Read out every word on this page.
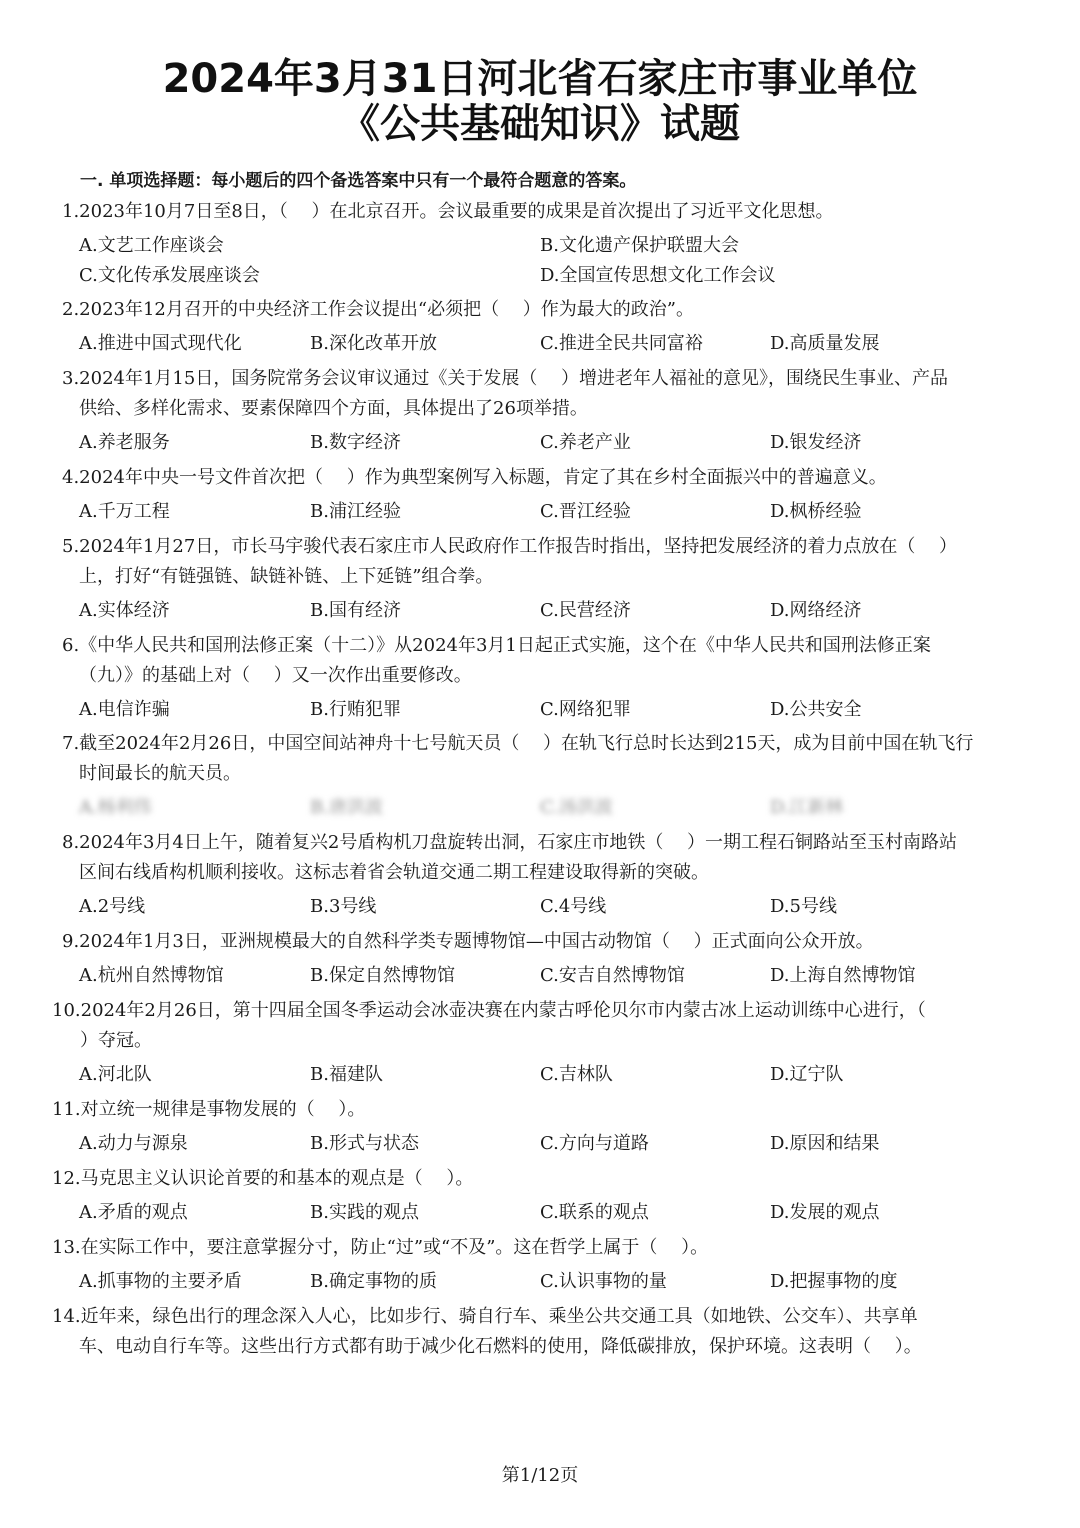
2024年3月31日河北省石家庄市事业单位
《公共基础知识》试题
一. 单项选择题：每小题后的四个备选答案中只有一个最符合题意的答案。
1.2023年10月7日至8日，（　 ）在北京召开。会议最重要的成果是首次提出了习近平文化思想。
A.文艺工作座谈会	B.文化遗产保护联盟大会
C.文化传承发展座谈会	D.全国宣传思想文化工作会议
2.2023年12月召开的中央经济工作会议提出“必须把（　 ）作为最大的政治”。
A.推进中国式现代化	B.深化改革开放	C.推进全民共同富裕	D.高质量发展
3.2024年1月15日，国务院常务会议审议通过《关于发展（　 ）增进老年人福祉的意见》，围绕民生事业、产品
供给、多样化需求、要素保障四个方面，具体提出了26项举措。
A.养老服务	B.数字经济	C.养老产业	D.银发经济
4.2024年中央一号文件首次把（　 ）作为典型案例写入标题，肯定了其在乡村全面振兴中的普遍意义。
A.千万工程	B.浦江经验	C.晋江经验	D.枫桥经验
5.2024年1月27日，市长马宇骏代表石家庄市人民政府作工作报告时指出，坚持把发展经济的着力点放在（　 ）
上，打好“有链强链、缺链补链、上下延链”组合拳。
A.实体经济	B.国有经济	C.民营经济	D.网络经济
6.《中华人民共和国刑法修正案（十二）》从2024年3月1日起正式实施，这个在《中华人民共和国刑法修正案
（九）》的基础上对（　 ）又一次作出重要修改。
A.电信诈骗	B.行贿犯罪	C.网络犯罪	D.公共安全
7.截至2024年2月26日，中国空间站神舟十七号航天员（　 ）在轨飞行总时长达到215天，成为目前中国在轨飞行
时间最长的航天员。
A.杨利伟	B.唐洪波	C.汤洪波	D.江新林
8.2024年3月4日上午，随着复兴2号盾构机刀盘旋转出洞，石家庄市地铁（　 ）一期工程石铜路站至玉村南路站
区间右线盾构机顺利接收。这标志着省会轨道交通二期工程建设取得新的突破。
A.2号线	B.3号线	C.4号线	D.5号线
9.2024年1月3日，亚洲规模最大的自然科学类专题博物馆—中国古动物馆（　 ）正式面向公众开放。
A.杭州自然博物馆	B.保定自然博物馆	C.安吉自然博物馆	D.上海自然博物馆
10.2024年2月26日，第十四届全国冬季运动会冰壶决赛在内蒙古呼伦贝尔市内蒙古冰上运动训练中心进行，（
　）夺冠。
A.河北队	B.福建队	C.吉林队	D.辽宁队
11.对立统一规律是事物发展的（　 ）。
A.动力与源泉	B.形式与状态	C.方向与道路	D.原因和结果
12.马克思主义认识论首要的和基本的观点是（　 ）。
A.矛盾的观点	B.实践的观点	C.联系的观点	D.发展的观点
13.在实际工作中，要注意掌握分寸，防止“过”或“不及”。这在哲学上属于（　 ）。
A.抓事物的主要矛盾	B.确定事物的质	C.认识事物的量	D.把握事物的度
14.近年来，绿色出行的理念深入人心，比如步行、骑自行车、乘坐公共交通工具（如地铁、公交车）、共享单
车、电动自行车等。这些出行方式都有助于减少化石燃料的使用，降低碳排放，保护环境。这表明（　 ）。
第1/12页
